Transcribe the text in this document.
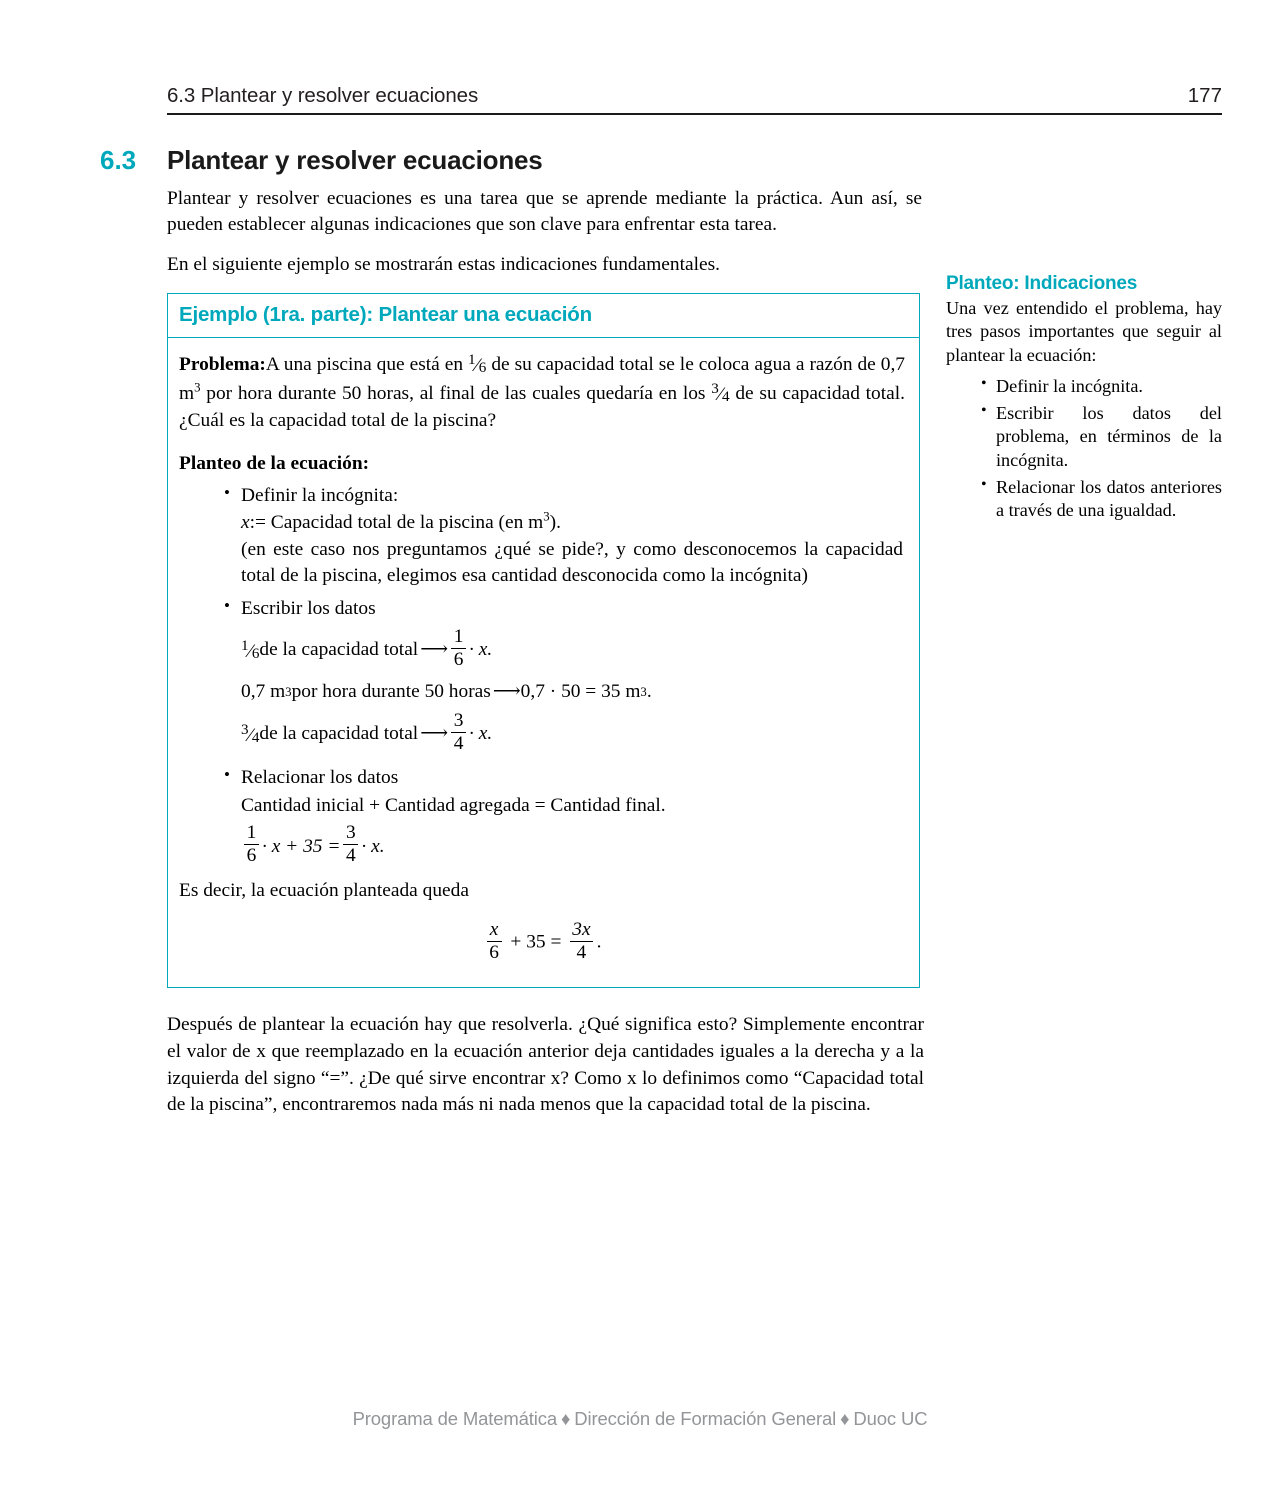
6.3 Plantear y resolver ecuaciones	177
6.3	Plantear y resolver ecuaciones

Plantear y resolver ecuaciones es una tarea que se aprende mediante la práctica. Aun así, se pueden establecer algunas indicaciones que son clave para enfrentar esta tarea.

En el siguiente ejemplo se mostrarán estas indicaciones fundamentales.

Ejemplo (1ra. parte): Plantear una ecuación

Problema:A una piscina que está en $^1$⁄6 de su capacidad total se le coloca agua a razón de 0,7 $m^3$ por hora durante 50 horas, al final de las cuales quedaría en los $^3$⁄4 de su capacidad total. ¿Cuál es la capacidad total de la piscina?

Planteo de la ecuación:
• Definir la incógnita:
x:= Capacidad total de la piscina (en $m^3$).
(en este caso nos preguntamos ¿qué se pide?, y como desconocemos la capacidad total de la piscina, elegimos esa cantidad desconocida como la incógnita)
• Escribir los datos
$^1$⁄6 de la capacidad total ⟶ $\frac{1}{6} \cdot x$.
0,7 m 3 por hora durante 50 horas ⟶ 0,7 · 50 = 35 m 3 .
$^3$⁄4 de la capacidad total ⟶ $\frac{3}{4} \cdot x$.
• Relacionar los datos
Cantidad inicial + Cantidad agregada = Cantidad final.
$\frac{1}{6} \cdot x + 35 = \frac{3}{4} \cdot x$.
Es decir, la ecuación planteada queda
$\frac{x}{6} + 35 = \frac{3x}{4}$ .
Planteo: Indicaciones

Una vez entendido el problema, hay tres pasos importantes que seguir al plantear la ecuación:

• Definir la incógnita.
• Escribir los datos del problema, en términos de la incógnita.
• Relacionar los datos anteriores a través de una igualdad.

Después de plantear la ecuación hay que resolverla. ¿Qué significa esto? Simplemente encontrar el valor de x que reemplazado en la ecuación anterior deja cantidades iguales a la derecha y a la izquierda del signo “=”. ¿De qué sirve encontrar x? Como x lo definimos como “Capacidad total de la piscina”, encontraremos nada más ni nada menos que la capacidad total de la piscina.

Programa de Matemática ♦ Dirección de Formación General ♦ Duoc UC
